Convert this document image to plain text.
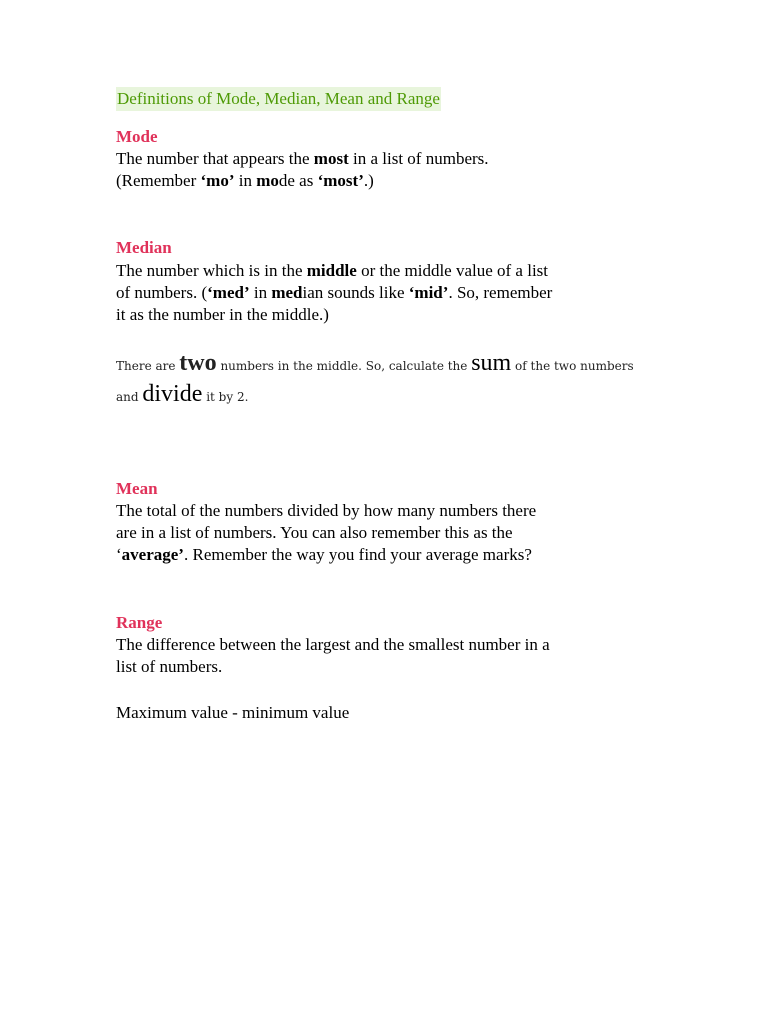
Definitions of Mode, Median, Mean and Range
Mode
The number that appears the most in a list of numbers.
(Remember ‘mo’ in mode as ‘most’.)
Median
The number which is in the middle or the middle value of a list
of numbers. (‘med’ in median sounds like ‘mid’. So, remember
it as the number in the middle.)
There are two numbers in the middle. So, calculate the sum of the two numbers
and divide it by 2.
Mean
The total of the numbers divided by how many numbers there
are in a list of numbers. You can also remember this as the
‘average’. Remember the way you find your average marks?
Range
The difference between the largest and the smallest number in a
list of numbers.
Maximum value - minimum value
